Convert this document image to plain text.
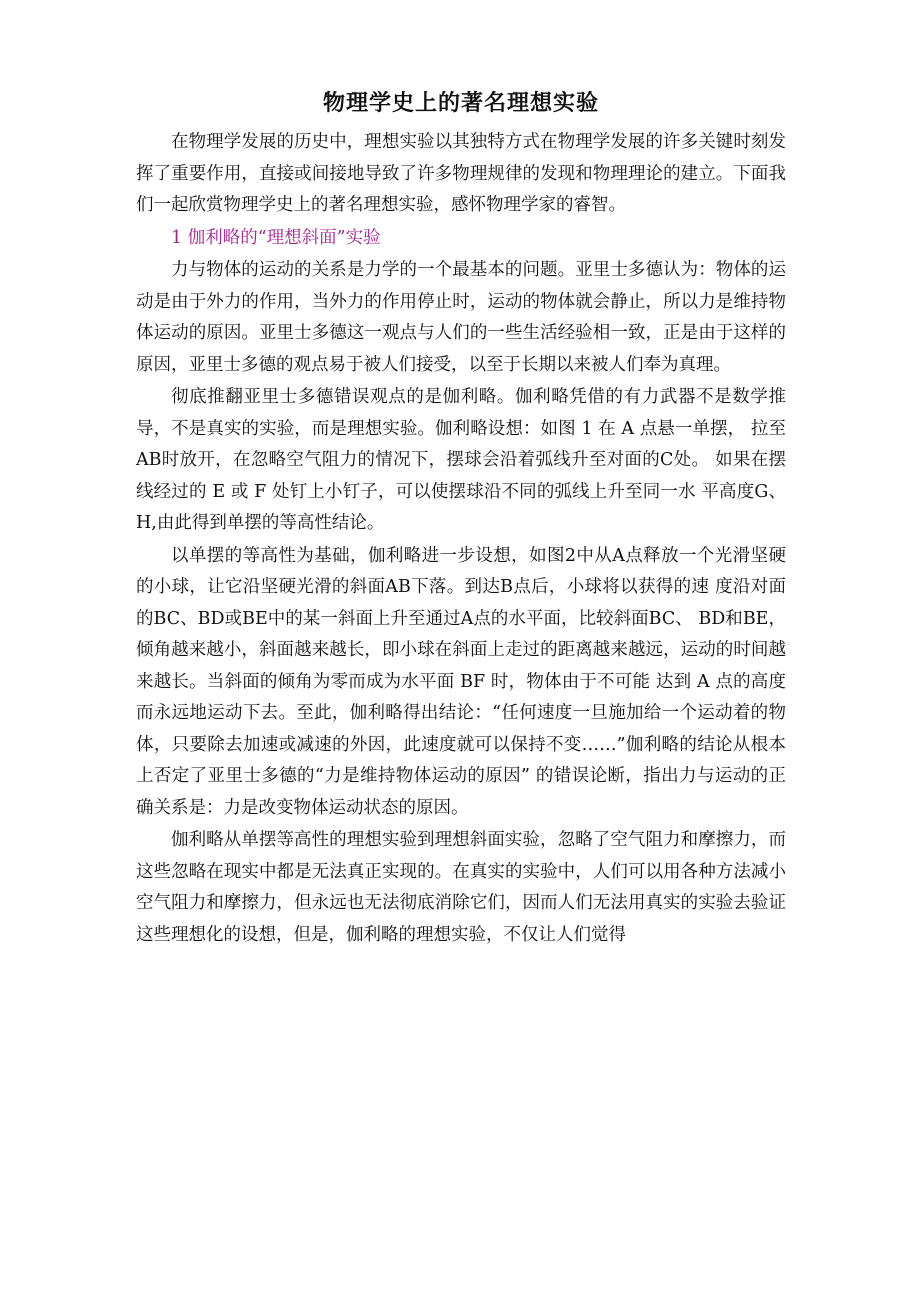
物理学史上的著名理想实验

在物理学发展的历史中，理想实验以其独特方式在物理学发展的许多关键时刻发挥了重要作用，直接或间接地导致了许多物理规律的发现和物理理论的建立。下面我们一起欣赏物理学史上的著名理想实验，感怀物理学家的睿智。

1 伽利略的“理想斜面”实验

力与物体的运动的关系是力学的一个最基本的问题。亚里士多德认为：物体的运动是由于外力的作用，当外力的作用停止时，运动的物体就会静止，所以力是维持物体运动的原因。亚里士多德这一观点与人们的一些生活经验相一致，正是由于这样的原因，亚里士多德的观点易于被人们接受，以至于长期以来被人们奉为真理。

彻底推翻亚里士多德错误观点的是伽利略。伽利略凭借的有力武器不是数学推导，不是真实的实验，而是理想实验。伽利略设想：如图 1 在 A 点悬一单摆， 拉至AB时放开，在忽略空气阻力的情况下，摆球会沿着弧线升至对面的C处。 如果在摆线经过的 E 或 F 处钉上小钉子，可以使摆球沿不同的弧线上升至同一水 平高度G、H,由此得到单摆的等高性结论。

以单摆的等高性为基础，伽利略进一步设想，如图2中从A点释放一个光滑坚硬的小球，让它沿坚硬光滑的斜面AB下落。到达B点后，小球将以获得的速 度沿对面的BC、BD或BE中的某一斜面上升至通过A点的水平面，比较斜面BC、 BD和BE，倾角越来越小，斜面越来越长，即小球在斜面上走过的距离越来越远，运动的时间越来越长。当斜面的倾角为零而成为水平面 BF 时，物体由于不可能 达到 A 点的高度而永远地运动下去。至此，伽利略得出结论：“任何速度一旦施加给一个运动着的物体，只要除去加速或减速的外因，此速度就可以保持不变……”伽利略的结论从根本上否定了亚里士多德的“力是维持物体运动的原因” 的错误论断，指出力与运动的正确关系是：力是改变物体运动状态的原因。

伽利略从单摆等高性的理想实验到理想斜面实验，忽略了空气阻力和摩擦力，而这些忽略在现实中都是无法真正实现的。在真实的实验中，人们可以用各种方法减小空气阻力和摩擦力，但永远也无法彻底消除它们，因而人们无法用真实的实验去验证这些理想化的设想，但是，伽利略的理想实验，不仅让人们觉得
